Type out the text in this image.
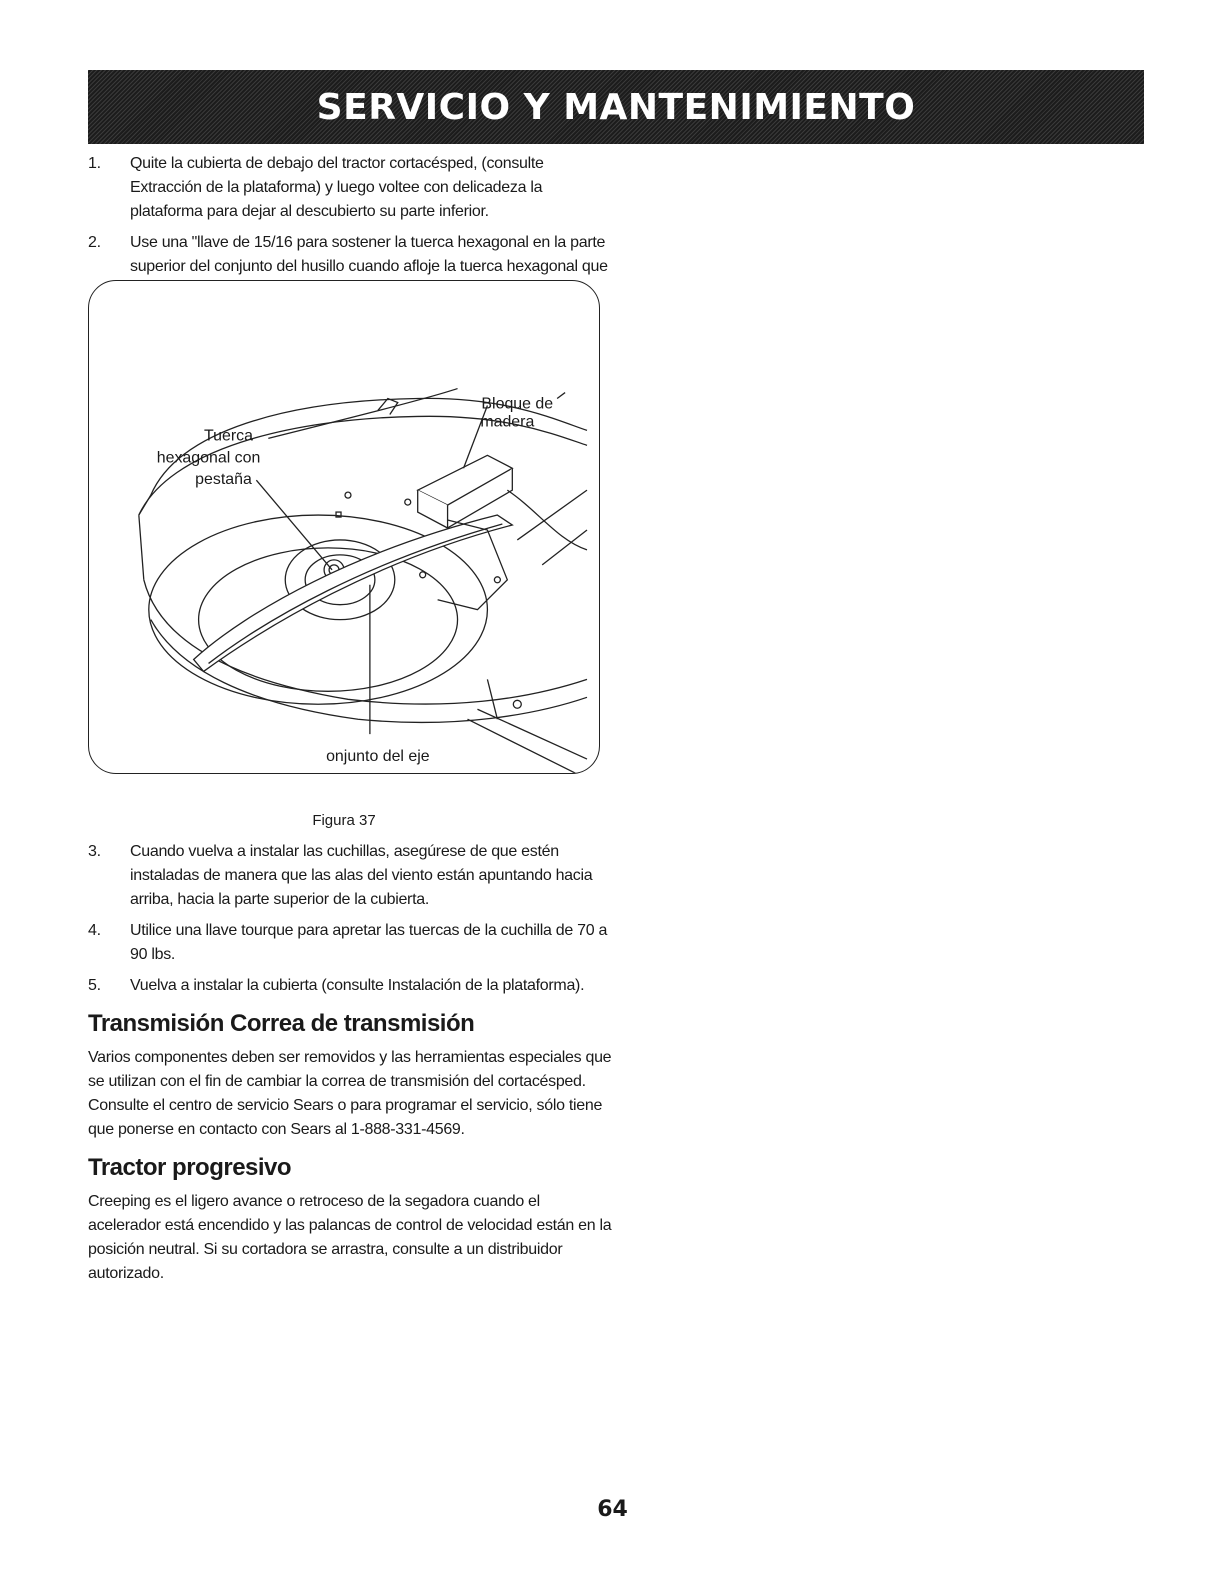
SERVICIO Y MANTENIMIENTO
1.	Quite la cubierta de debajo del tractor cortacésped, (consulte Extracción de la plataforma) y luego voltee con delicadeza la plataforma para dejar al descubierto su parte inferior.
2.	Use una "llave de 15/16 para sostener la tuerca hexagonal en la parte superior del conjunto del husillo cuando afloje la tuerca hexagonal que
Tuerca
hexagonal con
pestaña
Bloque de
madera
onjunto del eje
Figura 37
3.	Cuando vuelva a instalar las cuchillas, asegúrese de que estén instaladas de manera que las alas del viento están apuntando hacia arriba, hacia la parte superior de la cubierta.
4.	Utilice una llave tourque para apretar las tuercas de la cuchilla de 70 a 90 lbs.
5.	Vuelva a instalar la cubierta (consulte Instalación de la plataforma).
Transmisión Correa de transmisión

Varios componentes deben ser removidos y las herramientas especiales que se utilizan con el fin de cambiar la correa de transmisión del cortacésped. Consulte el centro de servicio Sears o para programar el servicio, sólo tiene que ponerse en contacto con Sears al 1-888-331-4569.

Tractor progresivo

Creeping es el ligero avance o retroceso de la segadora cuando el acelerador está encendido y las palancas de control de velocidad están en la posición neutral. Si su cortadora se arrastra, consulte a un distribuidor autorizado.

64
